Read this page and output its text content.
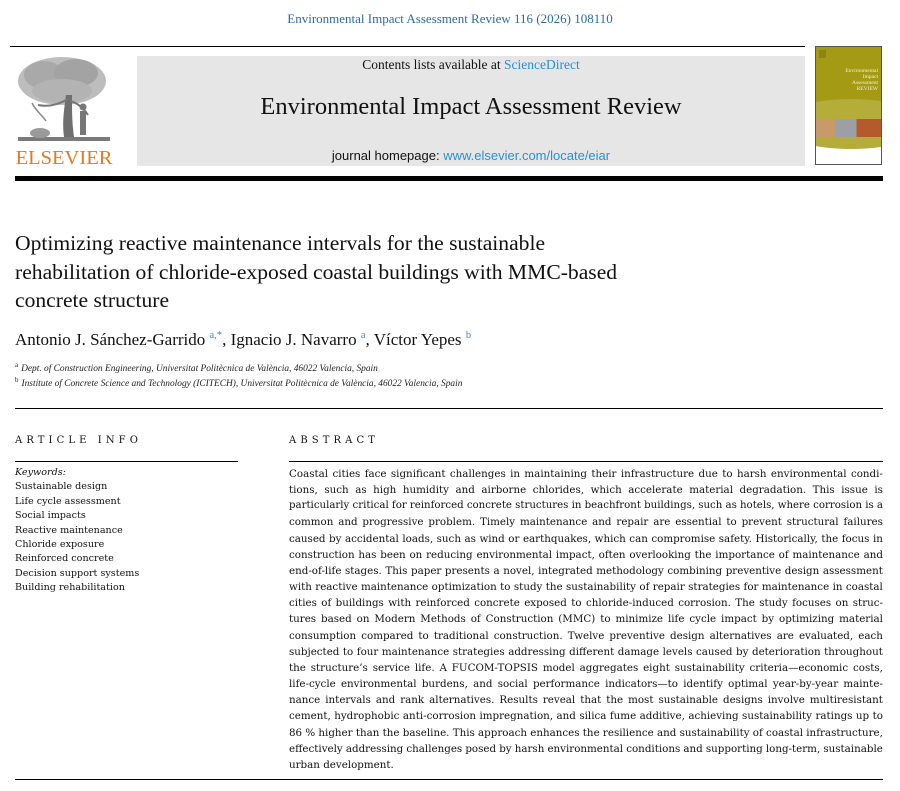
Environmental Impact Assessment Review 116 (2026) 108110
ELSEVIER
Contents lists available at ScienceDirect
Environmental Impact Assessment Review
journal homepage: www.elsevier.com/locate/eiar
Environmental
Impact
Assessment
REVIEW
Optimizing reactive maintenance intervals for the sustainable
rehabilitation of chloride-exposed coastal buildings with MMC-based
concrete structure
Antonio J. Sánchez-Garrido $^{a,*}$, Ignacio J. Navarro $^a$, Víctor Yepes $^b$
$^a$ Dept. of Construction Engineering, Universitat Politècnica de València, 46022 Valencia, Spain
$^b$ Institute of Concrete Science and Technology (ICITECH), Universitat Politècnica de València, 46022 Valencia, Spain
ARTICLE INFO	ABSTRACT
Keywords:
Sustainable design
Life cycle assessment
Social impacts
Reactive maintenance
Chloride exposure
Reinforced concrete
Decision support systems
Building rehabilitation
Coastal cities face significant challenges in maintaining their infrastructure due to harsh environmental condi-
tions, such as high humidity and airborne chlorides, which accelerate material degradation. This issue is
particularly critical for reinforced concrete structures in beachfront buildings, such as hotels, where corrosion is a
common and progressive problem. Timely maintenance and repair are essential to prevent structural failures
caused by accidental loads, such as wind or earthquakes, which can compromise safety. Historically, the focus in
construction has been on reducing environmental impact, often overlooking the importance of maintenance and
end-of-life stages. This paper presents a novel, integrated methodology combining preventive design assessment
with reactive maintenance optimization to study the sustainability of repair strategies for maintenance in coastal
cities of buildings with reinforced concrete exposed to chloride-induced corrosion. The study focuses on struc-
tures based on Modern Methods of Construction (MMC) to minimize life cycle impact by optimizing material
consumption compared to traditional construction. Twelve preventive design alternatives are evaluated, each
subjected to four maintenance strategies addressing different damage levels caused by deterioration throughout
the structure’s service life. A FUCOM-TOPSIS model aggregates eight sustainability criteria—economic costs,
life-cycle environmental burdens, and social performance indicators—to identify optimal year-by-year mainte-
nance intervals and rank alternatives. Results reveal that the most sustainable designs involve multiresistant
cement, hydrophobic anti-corrosion impregnation, and silica fume additive, achieving sustainability ratings up to
86 % higher than the baseline. This approach enhances the resilience and sustainability of coastal infrastructure,
effectively addressing challenges posed by harsh environmental conditions and supporting long-term, sustainable
urban development.
